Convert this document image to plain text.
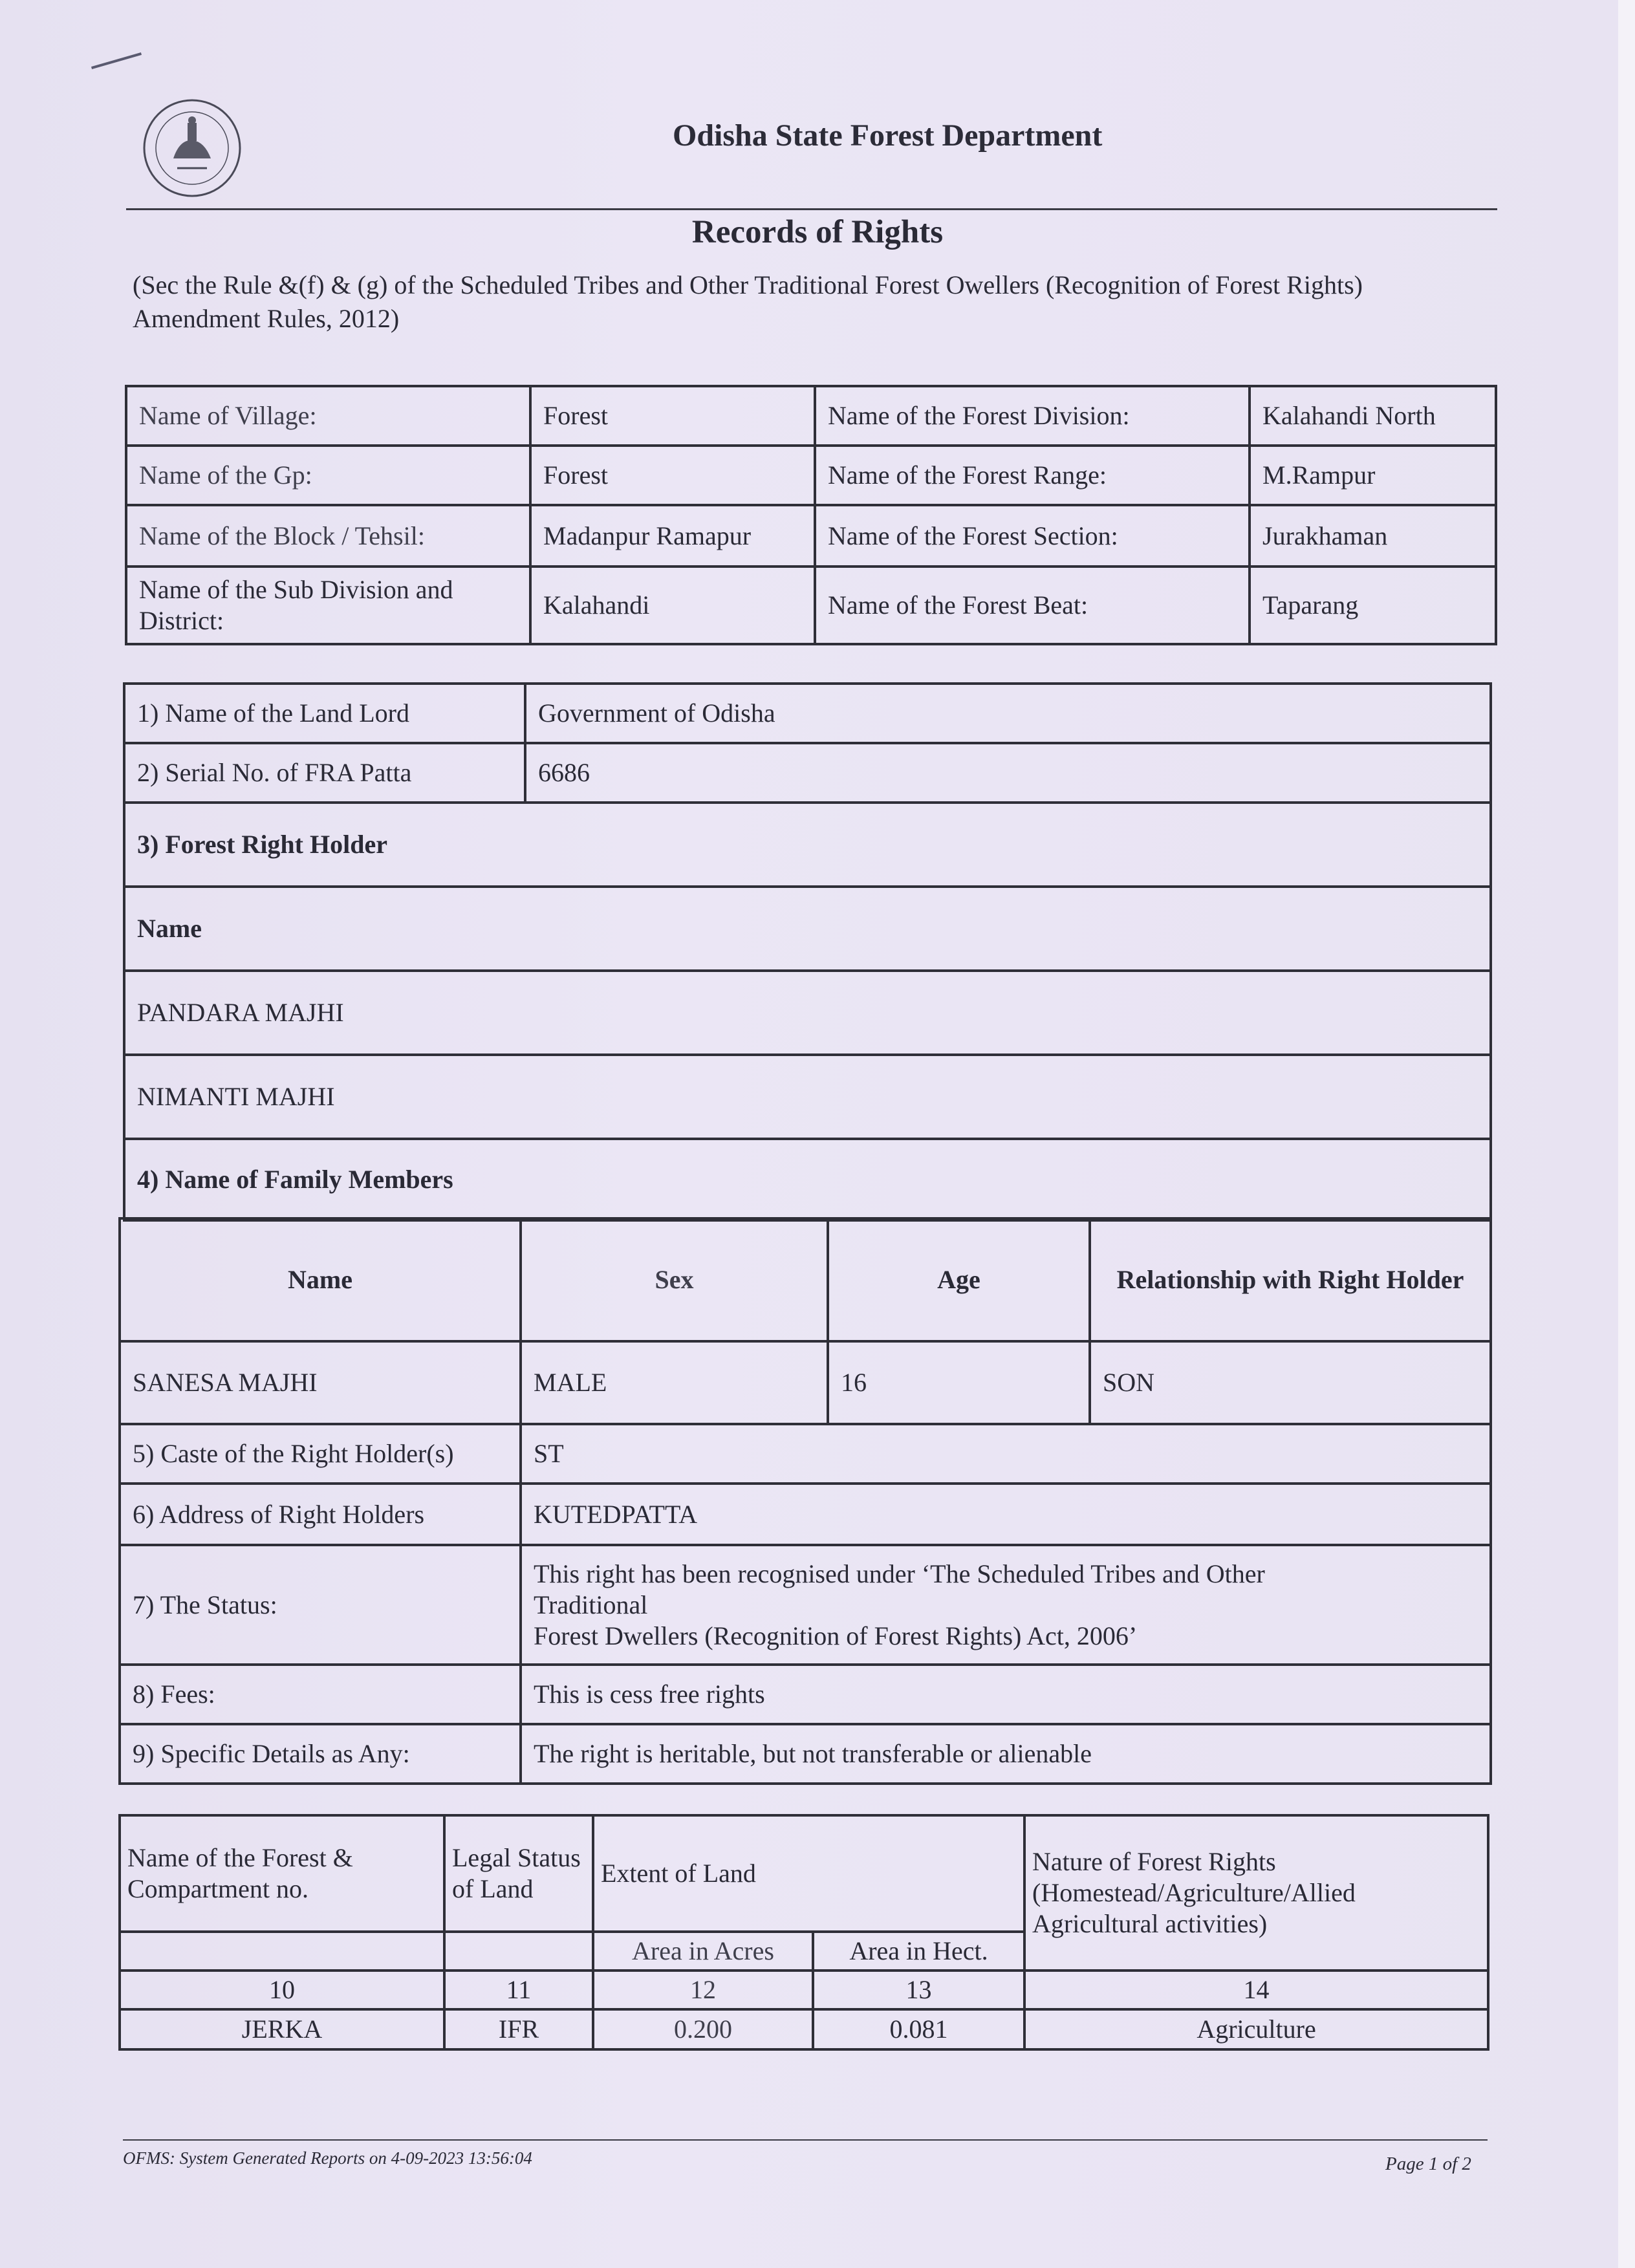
Odisha State Forest Department
Records of Rights
(Sec the Rule &(f) & (g) of the Scheduled Tribes and Other Traditional Forest Owellers (Recognition of Forest Rights) Amendment Rules, 2012)
Name of Village:	Forest	Name of the Forest Division:	Kalahandi North
Name of the Gp:	Forest	Name of the Forest Range:	M.Rampur
Name of the Block / Tehsil:	Madanpur Ramapur	Name of the Forest Section:	Jurakhaman
Name of the Sub Division and District:	Kalahandi	Name of the Forest Beat:	Taparang
1) Name of the Land Lord	Government of Odisha
2) Serial No. of FRA Patta	6686
3) Forest Right Holder	
Name	
PANDARA MAJHI	
NIMANTI MAJHI	
4) Name of Family Members	
Name	Sex	Age	Relationship with Right Holder
SANESA MAJHI	MALE	16	SON
5) Caste of the Right Holder(s)	ST		
6) Address of Right Holders	KUTEDPATTA		
7) The Status:	This right has been recognised under ‘The Scheduled Tribes and Other
Traditional
Forest Dwellers (Recognition of Forest Rights) Act, 2006’		

8) Fees:	This is cess free rights		
9) Specific Details as Any:	The right is heritable, but not transferable or alienable		
Name of the Forest & Compartment no.	Legal Status of Land	Extent of Land		Nature of Forest Rights (Homestead/Agriculture/Allied Agricultural activities)
		Area in Acres	Area in Hect.	
10	11	12	13	14
JERKA	IFR	0.200	0.081	Agriculture
OFMS: System Generated Reports on 4-09-2023 13:56:04	Page 1 of 2
